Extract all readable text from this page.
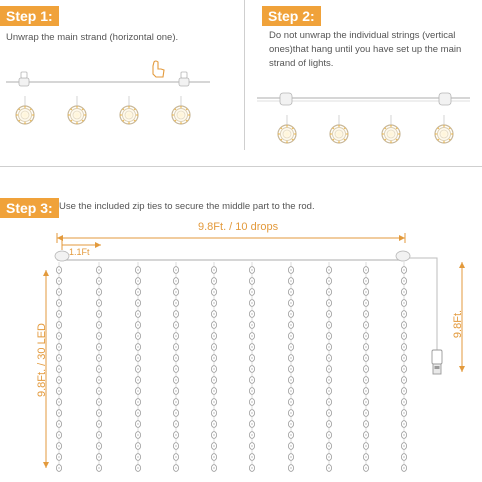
Step 1:
Unwrap the main strand (horizontal one).
Step 2:
Do not unwrap the individual strings (vertical ones)that hang until you have set up the main strand of lights.
Step 3: Use the included zip ties to secure the middle part to the rod.
9.8Ft. / 10 drops
1.1Ft
9.8Ft. / 30 LED	9.8Ft.
